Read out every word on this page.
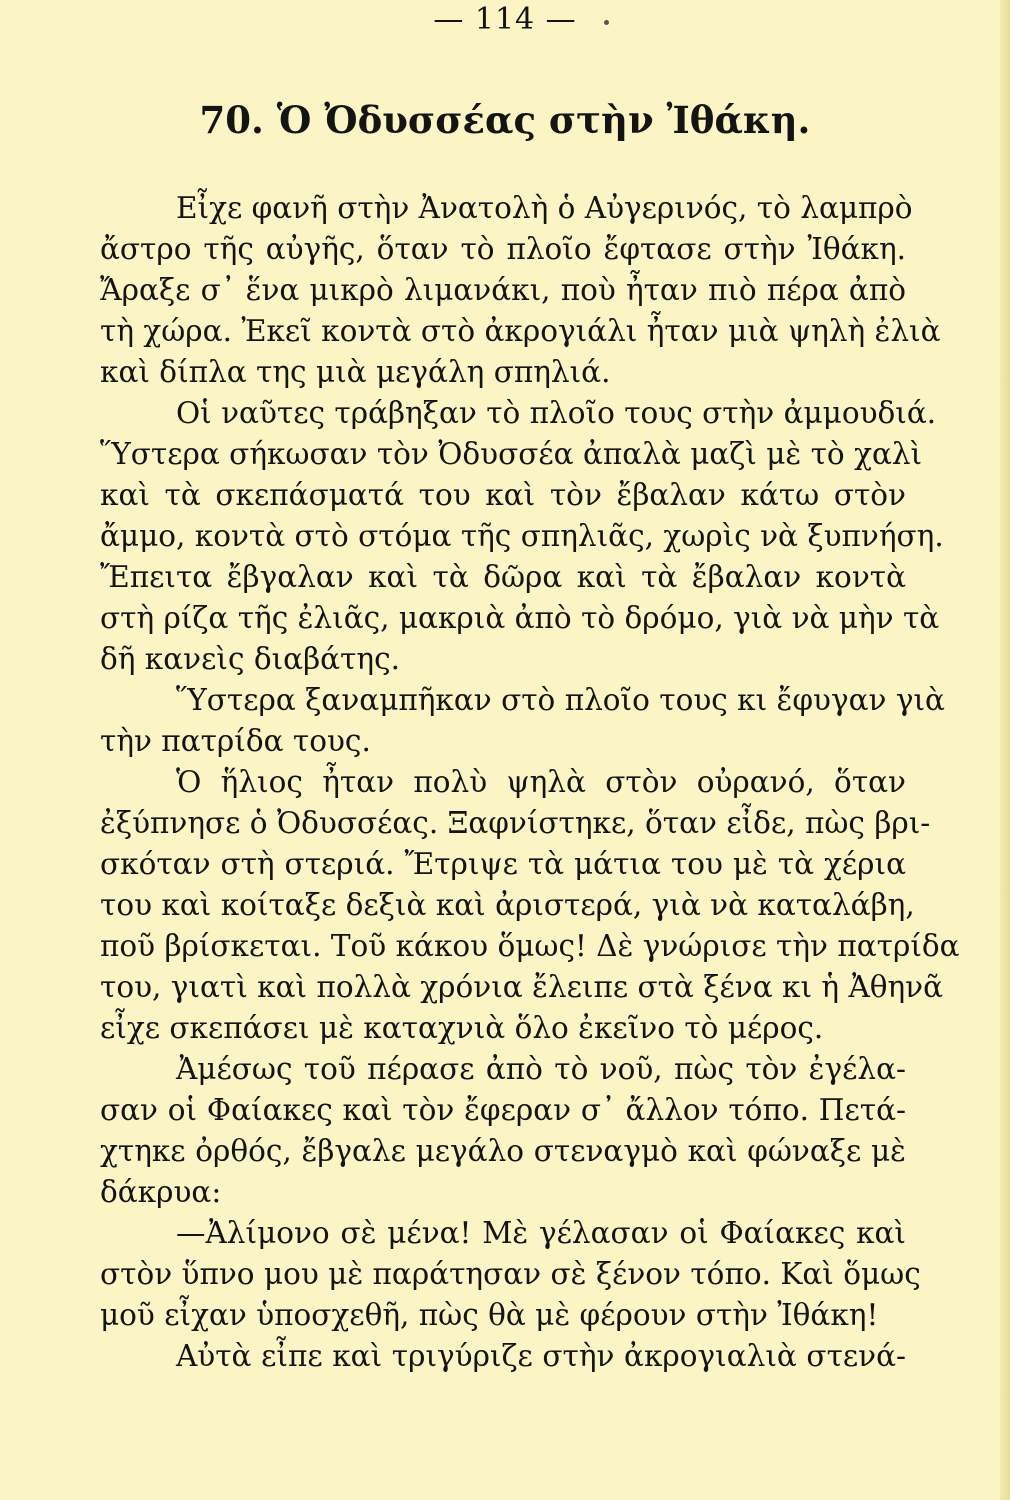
— 114 —
70. Ὁ Ὀδυσσέας στὴν Ἰθάκη.
Εἶχε φανῆ στὴν Ἀνατολὴ ὁ Αὐγερινός, τὸ λαμπρὸ
ἄστρο τῆς αὐγῆς, ὅταν τὸ πλοῖο ἔφτασε στὴν Ἰθάκη.
Ἄραξε σ᾽ ἕνα μικρὸ λιμανάκι, ποὺ ἦταν πιὸ πέρα ἀπὸ
τὴ χώρα. Ἐκεῖ κοντὰ στὸ ἀκρογιάλι ἦταν μιὰ ψηλὴ ἐλιὰ
καὶ δίπλα της μιὰ μεγάλη σπηλιά.
Οἱ ναῦτες τράβηξαν τὸ πλοῖο τους στὴν ἀμμουδιά.
Ὕστερα σήκωσαν τὸν Ὀδυσσέα ἀπαλὰ μαζὶ μὲ τὸ χαλὶ
καὶ τὰ σκεπάσματά του καὶ τὸν ἔβαλαν κάτω στὸν
ἄμμο, κοντὰ στὸ στόμα τῆς σπηλιᾶς, χωρὶς νὰ ξυπνήση.
Ἔπειτα ἔβγαλαν καὶ τὰ δῶρα καὶ τὰ ἔβαλαν κοντὰ
στὴ ρίζα τῆς ἐλιᾶς, μακριὰ ἀπὸ τὸ δρόμο, γιὰ νὰ μὴν τὰ
δῆ κανεὶς διαβάτης.
Ὕστερα ξαναμπῆκαν στὸ πλοῖο τους κι ἔφυγαν γιὰ
τὴν πατρίδα τους.
Ὁ ἥλιος ἦταν πολὺ ψηλὰ στὸν οὐρανό, ὅταν
ἐξύπνησε ὁ Ὀδυσσέας. Ξαφνίστηκε, ὅταν εἶδε, πὼς βρι-
σκόταν στὴ στεριά. Ἔτριψε τὰ μάτια του μὲ τὰ χέρια
του καὶ κοίταξε δεξιὰ καὶ ἀριστερά, γιὰ νὰ καταλάβη,
ποῦ βρίσκεται. Τοῦ κάκου ὅμως! Δὲ γνώρισε τὴν πατρίδα
του, γιατὶ καὶ πολλὰ χρόνια ἔλειπε στὰ ξένα κι ἡ Ἀθηνᾶ
εἶχε σκεπάσει μὲ καταχνιὰ ὅλο ἐκεῖνο τὸ μέρος.
Ἀμέσως τοῦ πέρασε ἀπὸ τὸ νοῦ, πὼς τὸν ἐγέλα-
σαν οἱ Φαίακες καὶ τὸν ἔφεραν σ᾽ ἄλλον τόπο. Πετά-
χτηκε ὀρθός, ἔβγαλε μεγάλο στεναγμὸ καὶ φώναξε μὲ
δάκρυα:
—Ἀλίμονο σὲ μένα! Μὲ γέλασαν οἱ Φαίακες καὶ
στὸν ὕπνο μου μὲ παράτησαν σὲ ξένον τόπο. Καὶ ὅμως
μοῦ εἶχαν ὑποσχεθῆ, πὼς θὰ μὲ φέρουν στὴν Ἰθάκη!
Αὐτὰ εἶπε καὶ τριγύριζε στὴν ἀκρογιαλιὰ στενά-
